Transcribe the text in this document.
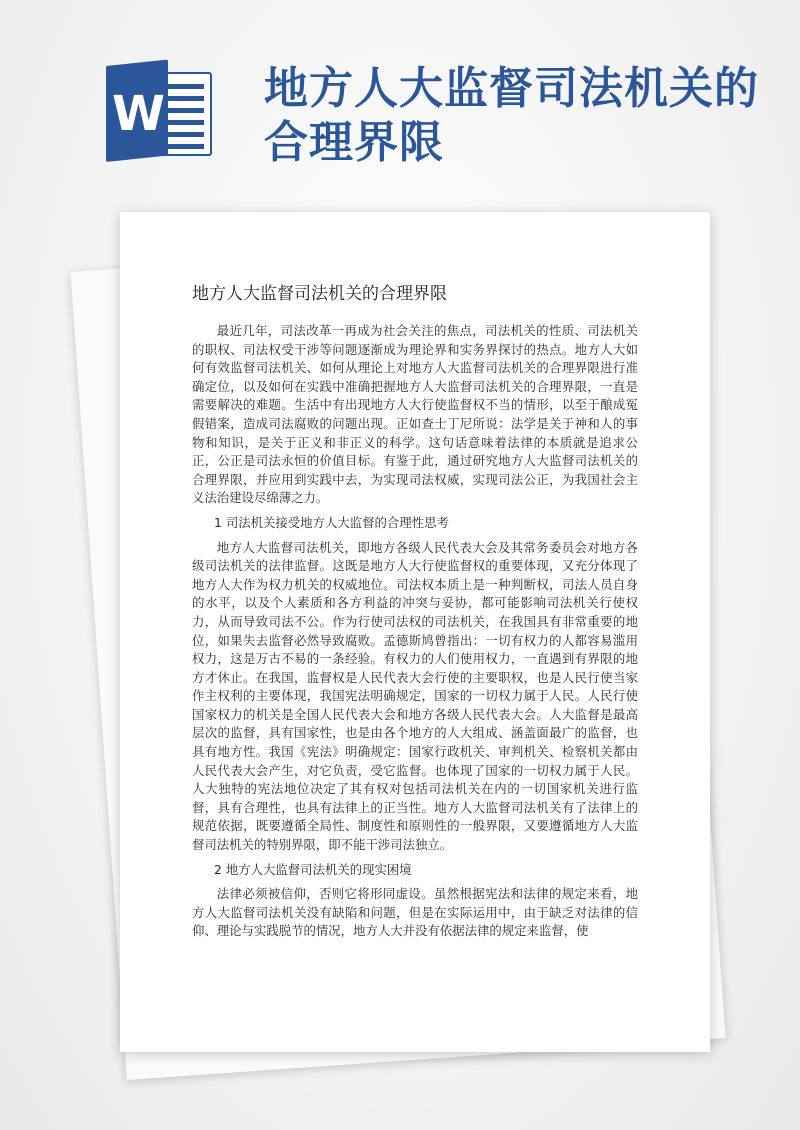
W 地方人大监督司法机关的合理界限
地方人大监督司法机关的合理界限

最近几年，司法改革一再成为社会关注的焦点，司法机关的性质、司法机关的职权、司法权受干涉等问题逐渐成为理论界和实务界探讨的热点。地方人大如何有效监督司法机关、如何从理论上对地方人大监督司法机关的合理界限进行准确定位，以及如何在实践中准确把握地方人大监督司法机关的合理界限，一直是需要解决的难题。生活中有出现地方人大行使监督权不当的情形，以至于酿成冤假错案，造成司法腐败的问题出现。正如查士丁尼所说：法学是关于神和人的事物和知识，是关于正义和非正义的科学。这句话意味着法律的本质就是追求公正，公正是司法永恒的价值目标。有鉴于此，通过研究地方人大监督司法机关的合理界限，并应用到实践中去，为实现司法权威，实现司法公正，为我国社会主义法治建设尽绵薄之力。

1 司法机关接受地方人大监督的合理性思考

地方人大监督司法机关，即地方各级人民代表大会及其常务委员会对地方各级司法机关的法律监督。这既是地方人大行使监督权的重要体现，又充分体现了地方人大作为权力机关的权威地位。司法权本质上是一种判断权，司法人员自身的水平，以及个人素质和各方利益的冲突与妥协，都可能影响司法机关行使权力，从而导致司法不公。作为行使司法权的司法机关，在我国具有非常重要的地位，如果失去监督必然导致腐败。孟德斯鸠曾指出：一切有权力的人都容易滥用权力，这是万古不易的一条经验。有权力的人们使用权力，一直遇到有界限的地方才休止。在我国，监督权是人民代表大会行使的主要职权，也是人民行使当家作主权利的主要体现，我国宪法明确规定，国家的一切权力属于人民。人民行使国家权力的机关是全国人民代表大会和地方各级人民代表大会。人大监督是最高层次的监督，具有国家性，也是由各个地方的人大组成、涵盖面最广的监督，也具有地方性。我国《宪法》明确规定：国家行政机关、审判机关、检察机关都由人民代表大会产生，对它负责，受它监督。也体现了国家的一切权力属于人民。人大独特的宪法地位决定了其有权对包括司法机关在内的一切国家机关进行监督，具有合理性，也具有法律上的正当性。地方人大监督司法机关有了法律上的规范依据，既要遵循全局性、制度性和原则性的一般界限，又要遵循地方人大监督司法机关的特别界限，即不能干涉司法独立。

2 地方人大监督司法机关的现实困境

法律必须被信仰，否则它将形同虚设。虽然根据宪法和法律的规定来看，地方人大监督司法机关没有缺陷和问题，但是在实际运用中，由于缺乏对法律的信仰、理论与实践脱节的情况，地方人大并没有依据法律的规定来监督，使
